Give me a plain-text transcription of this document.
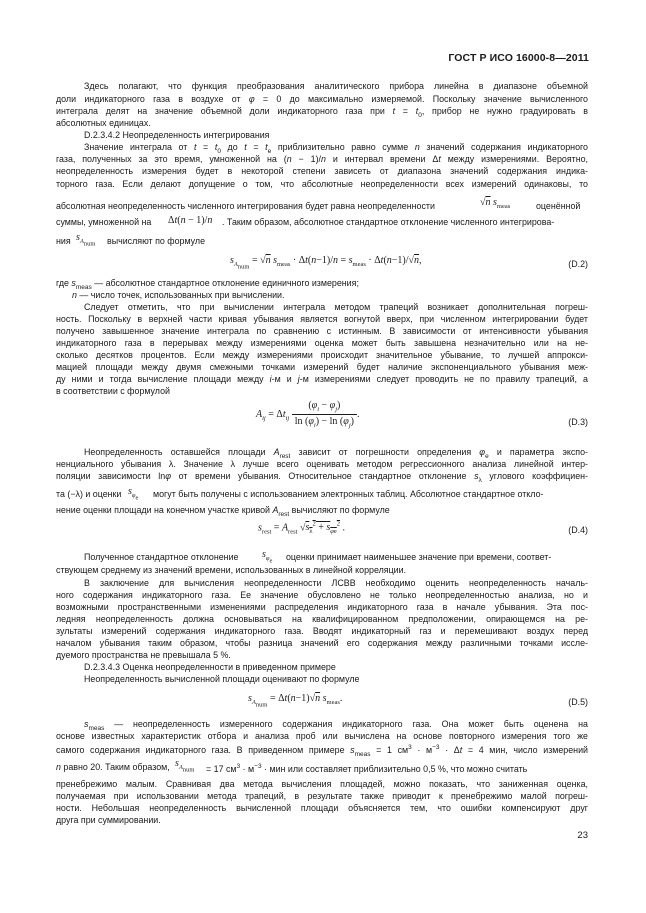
ГОСТ Р ИСО 16000-8—2011
Здесь полагают, что функция преобразования аналитического прибора линейна в диапазоне объемной
доли индикаторного газа в воздухе от φ = 0 до максимально измеряемой. Поскольку значение вычисленного
интеграла делят на значение объемной доли индикаторного газа при $t = t_0$, прибор не нужно градуировать в
абсолютных единицах.
D.2.3.4.2 Неопределенность интегрирования
Значение интеграла от $t = t_0$ до $t = t_e$ приблизительно равно сумме n значений содержания индикаторного
газа, полученных за это время, умноженной на (n − 1)/n и интервал времени Δt между измерениями. Вероятно,
неопределенность измерения будет в некоторой степени зависеть от диапазона значений содержания индика-
торного газа. Если делают допущение о том, что абсолютные неопределенности всех измерений одинаковы, то
абсолютная неопределенность численного интегрирования будет равна неопределенности	√n $s_{meas}$	оценённой
суммы, умноженной на Δt(n − 1)/n . Таким образом, абсолютное стандартное отклонение численного интегрирова-
ния $s_{A_{num}}$ вычисляют по формуле
$s_{A_{num}} = √n$ $s_{meas} \cdot \Delta t(n-1)/n = s_{meas} \cdot \Delta t(n-1)/√n$,	(D.2)
где $s_{meas}$ — абсолютное стандартное отклонение единичного измерения;
n — число точек, использованных при вычислении.
Следует отметить, что при вычислении интеграла методом трапеций возникает дополнительная погреш-
ность. Поскольку в верхней части кривая убывания является вогнутой вверх, при численном интегрировании будет
получено завышенное значение интеграла по сравнению с истинным. В зависимости от интенсивности убывания
индикаторного газа в перерывах между измерениями оценка может быть завышена незначительно или на не-
сколько десятков процентов. Если между измерениями происходит значительное убывание, то лучшей аппрокси-
мацией площади между двумя смежными точками измерений будет наличие экспоненциального убывания меж-
ду ними и тогда вычисление площади между i-м и j-м измерениями следует проводить не по правилу трапеций, а
в соответствии с формулой
$A_{ij} = \Delta t_{ij} \frac{(\varphi_i - \varphi_j)}{\ln (\varphi_i) - \ln (\varphi_j)}$ .
(D.3)
Неопределенность оставшейся площади $A_{rest}$ зависит от погрешности определения $\varphi_e$ и параметра экспо-
ненциального убывания λ. Значение λ лучше всего оценивать методом регрессионного анализа линейной интер-
поляции зависимости lnφ от времени убывания. Относительное стандартное отклонение $s_\lambda$ углового коэффициен-
та (−λ) и оценки $s_{\varphi_e}$ могут быть получены с использованием электронных таблиц. Абсолютное стандартное откло-
нение оценки площади на конечном участке кривой $A_{rest}$ вычисляют по формуле
$s_{rest} = A_{rest}$ $√s_\lambda^2 + s_{\varphi e}^2$ .	(D.4)
Полученное стандартное отклонение $s_{\varphi_e}$ оценки принимает наименьшее значение при времени, соответ-
ствующем среднему из значений времени, использованных в линейной корреляции.
В заключение для вычисления неопределенности ЛСВВ необходимо оценить неопределенность началь-
ного содержания индикаторного газа. Ее значение обусловлено не только неопределенностью анализа, но и
возможными пространственными изменениями распределения индикаторного газа в начале убывания. Эта пос-
ледняя неопределенность должна основываться на квалифицированном предположении, опирающемся на ре-
зультаты измерений содержания индикаторного газа. Вводят индикаторный газ и перемешивают воздух перед
началом убывания таким образом, чтобы разница значений его содержания между различными точками иссле-
дуемого пространства не превышала 5 %.
D.2.3.4.3 Оценка неопределенности в приведенном примере
Неопределенность вычисленной площади оценивают по формуле
$s_{A_{num}} = \Delta t(n-1)√n$ $s_{meas}$.	(D.5)
$s_{meas}$ — неопределенность измеренного содержания индикаторного газа. Она может быть оценена на
основе известных характеристик отбора и анализа проб или вычислена на основе повторного измерения того же
самого содержания индикаторного газа. В приведенном примере $s_{meas} = 1$ $см^3 \cdot м^{-3} \cdot \Delta t = 4$ мин, число измерений
n равно 20. Таким образом, $s_{A_{num}} = 17$ $см^3 \cdot м^{-3}$ · мин или составляет приблизительно 0,5 %, что можно считать
пренебрежимо малым. Сравнивая два метода вычисления площадей, можно показать, что заниженная оценка,
получаемая при использовании метода трапеций, в результате также приводит к пренебрежимо малой погреш-
ности. Небольшая неопределенность вычисленной площади объясняется тем, что ошибки компенсируют друг
друга при суммировании.
23
